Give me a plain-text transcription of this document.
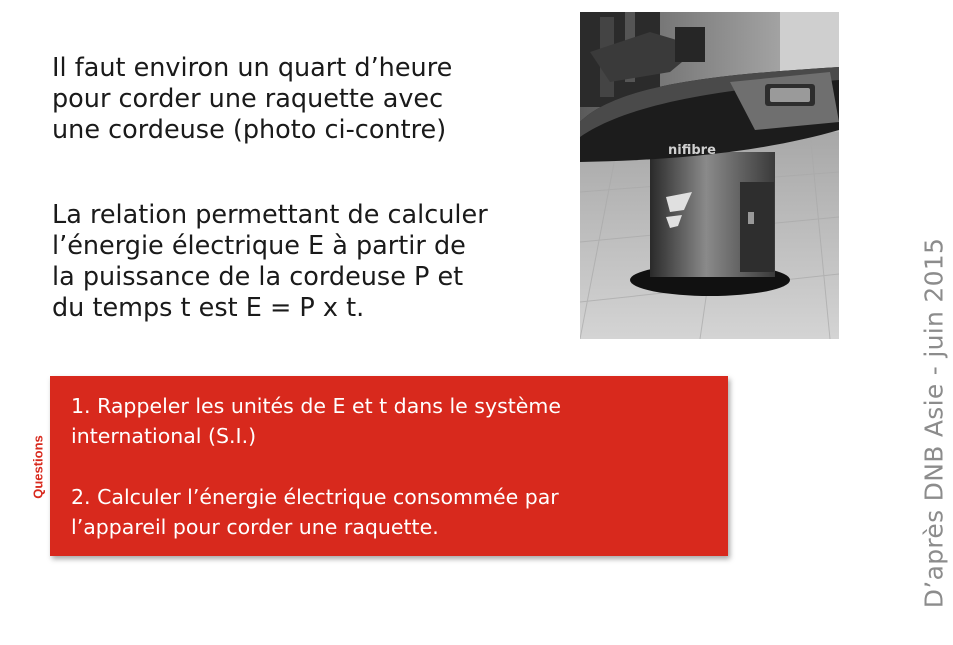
Il faut environ un quart d’heure
pour corder une raquette avec
une cordeuse (photo ci-contre)

La relation permettant de calculer
l’énergie électrique E à partir de
la puissance de la cordeuse P et
du temps t est E = P x t.

nifibre

1. Rappeler les unités de E et t dans le système
international (S.I.)

2. Calculer l’énergie électrique consommée par
l’appareil pour corder une raquette.

Questions	D’après DNB Asie - juin 2015
